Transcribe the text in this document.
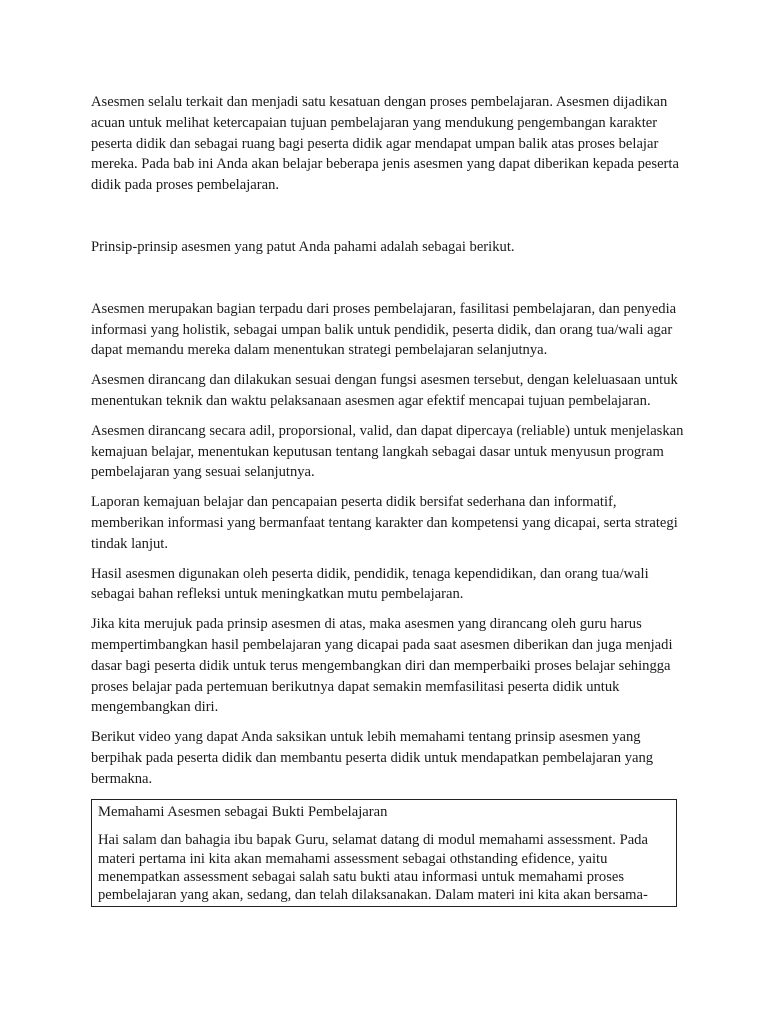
Asesmen selalu terkait dan menjadi satu kesatuan dengan proses pembelajaran. Asesmen dijadikan acuan untuk melihat ketercapaian tujuan pembelajaran yang mendukung pengembangan karakter peserta didik dan sebagai ruang bagi peserta didik agar mendapat umpan balik atas proses belajar mereka. Pada bab ini Anda akan belajar beberapa jenis asesmen yang dapat diberikan kepada peserta didik pada proses pembelajaran.

Prinsip-prinsip asesmen yang patut Anda pahami adalah sebagai berikut.

Asesmen merupakan bagian terpadu dari proses pembelajaran, fasilitasi pembelajaran, dan penyedia informasi yang holistik, sebagai umpan balik untuk pendidik, peserta didik, dan orang tua/wali agar dapat memandu mereka dalam menentukan strategi pembelajaran selanjutnya.

Asesmen dirancang dan dilakukan sesuai dengan fungsi asesmen tersebut, dengan keleluasaan untuk menentukan teknik dan waktu pelaksanaan asesmen agar efektif mencapai tujuan pembelajaran.

Asesmen dirancang secara adil, proporsional, valid, dan dapat dipercaya (reliable) untuk menjelaskan kemajuan belajar, menentukan keputusan tentang langkah sebagai dasar untuk menyusun program pembelajaran yang sesuai selanjutnya.

Laporan kemajuan belajar dan pencapaian peserta didik bersifat sederhana dan informatif, memberikan informasi yang bermanfaat tentang karakter dan kompetensi yang dicapai, serta strategi tindak lanjut.

Hasil asesmen digunakan oleh peserta didik, pendidik, tenaga kependidikan, dan orang tua/wali sebagai bahan refleksi untuk meningkatkan mutu pembelajaran.

Jika kita merujuk pada prinsip asesmen di atas, maka asesmen yang dirancang oleh guru harus mempertimbangkan hasil pembelajaran yang dicapai pada saat asesmen diberikan dan juga menjadi dasar bagi peserta didik untuk terus mengembangkan diri dan memperbaiki proses belajar sehingga proses belajar pada pertemuan berikutnya dapat semakin memfasilitasi peserta didik untuk mengembangkan diri.

Berikut video yang dapat Anda saksikan untuk lebih memahami tentang prinsip asesmen yang berpihak pada peserta didik dan membantu peserta didik untuk mendapatkan pembelajaran yang bermakna.

Memahami Asesmen sebagai Bukti Pembelajaran

Hai salam dan bahagia ibu bapak Guru, selamat datang di modul memahami assessment. Pada materi pertama ini kita akan memahami assessment sebagai othstanding efidence, yaitu menempatkan assessment sebagai salah satu bukti atau informasi untuk memahami proses pembelajaran yang akan, sedang, dan telah dilaksanakan. Dalam materi ini kita akan bersama-
